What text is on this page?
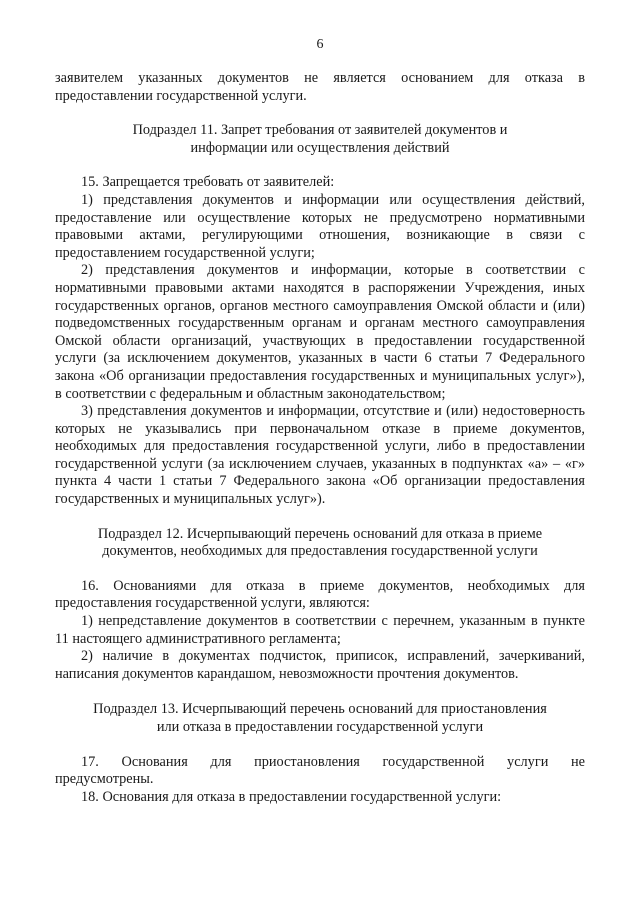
6

заявителем указанных документов не является основанием для отказа в предоставлении государственной услуги.

Подраздел 11. Запрет требования от заявителей документов и
информации или осуществления действий

15. Запрещается требовать от заявителей:

1) представления документов и информации или осуществления действий, предоставление или осуществление которых не предусмотрено нормативными правовыми актами, регулирующими отношения, возникающие в связи с предоставлением государственной услуги;

2) представления документов и информации, которые в соответствии с нормативными правовыми актами находятся в распоряжении Учреждения, иных государственных органов, органов местного самоуправления Омской области и (или) подведомственных государственным органам и органам местного самоуправления Омской области организаций, участвующих в предоставлении государственной услуги (за исключением документов, указанных в части 6 статьи 7 Федерального закона «Об организации предоставления государственных и муниципальных услуг»), в соответствии с федеральным и областным законодательством;

3) представления документов и информации, отсутствие и (или) недостоверность которых не указывались при первоначальном отказе в приеме документов, необходимых для предоставления государственной услуги, либо в предоставлении государственной услуги (за исключением случаев, указанных в подпунктах «а» – «г» пункта 4 части 1 статьи 7 Федерального закона «Об организации предоставления государственных и муниципальных услуг»).

Подраздел 12. Исчерпывающий перечень оснований для отказа в приеме
документов, необходимых для предоставления государственной услуги

16. Основаниями для отказа в приеме документов, необходимых для предоставления государственной услуги, являются:

1) непредставление документов в соответствии с перечнем, указанным в пункте 11 настоящего административного регламента;

2) наличие в документах подчисток, приписок, исправлений, зачеркиваний, написания документов карандашом, невозможности прочтения документов.

Подраздел 13. Исчерпывающий перечень оснований для приостановления
или отказа в предоставлении государственной услуги

17. Основания для приостановления государственной услуги не предусмотрены.

18. Основания для отказа в предоставлении государственной услуги:
